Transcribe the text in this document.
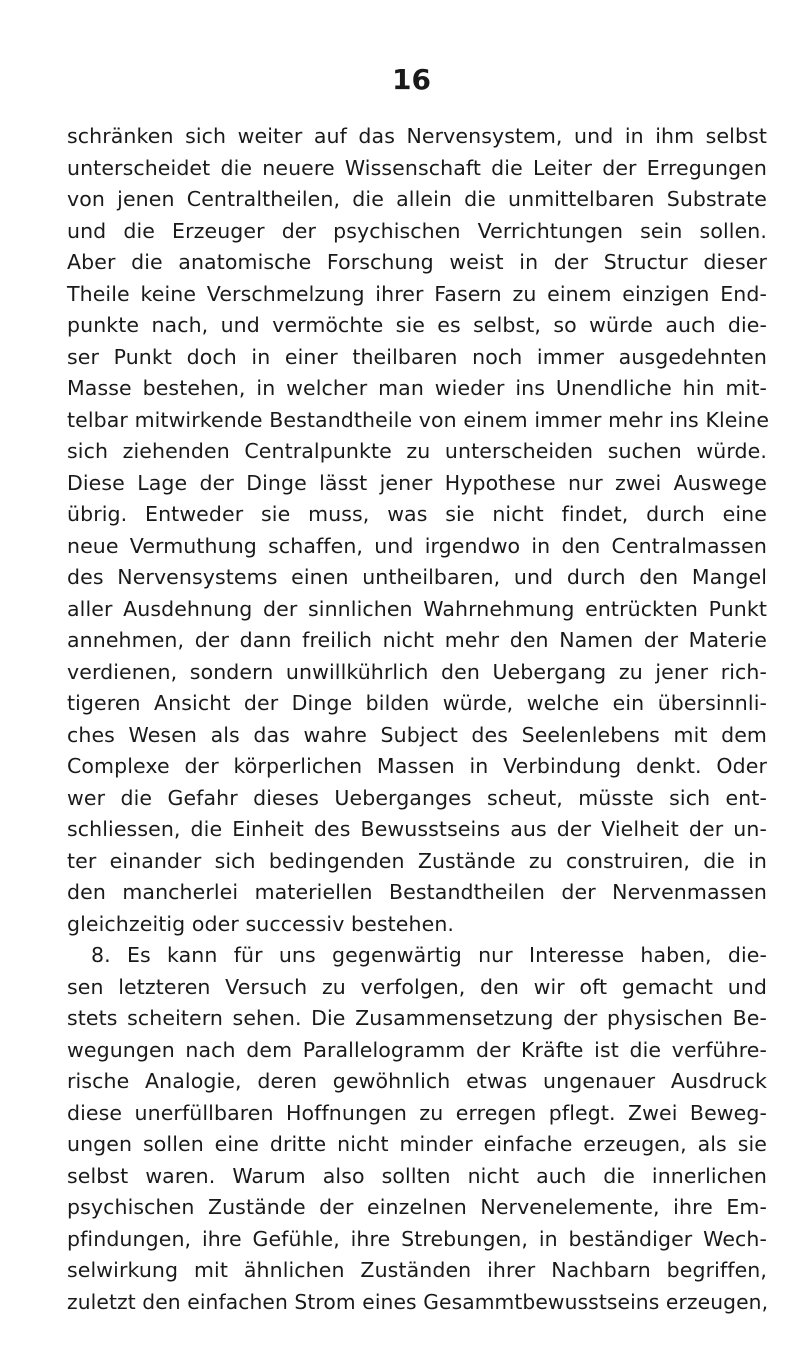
16
schränken sich weiter auf das Nervensystem, und in ihm selbst
unterscheidet die neuere Wissenschaft die Leiter der Erregungen
von jenen Centraltheilen, die allein die unmittelbaren Substrate
und die Erzeuger der psychischen Verrichtungen sein sollen.
Aber die anatomische Forschung weist in der Structur dieser
Theile keine Verschmelzung ihrer Fasern zu einem einzigen End-
punkte nach, und vermöchte sie es selbst, so würde auch die-
ser Punkt doch in einer theilbaren noch immer ausgedehnten
Masse bestehen, in welcher man wieder ins Unendliche hin mit-
telbar mitwirkende Bestandtheile von einem immer mehr ins Kleine
sich ziehenden Centralpunkte zu unterscheiden suchen würde.
Diese Lage der Dinge lässt jener Hypothese nur zwei Auswege
übrig. Entweder sie muss, was sie nicht findet, durch eine
neue Vermuthung schaffen, und irgendwo in den Centralmassen
des Nervensystems einen untheilbaren, und durch den Mangel
aller Ausdehnung der sinnlichen Wahrnehmung entrückten Punkt
annehmen, der dann freilich nicht mehr den Namen der Materie
verdienen, sondern unwillkührlich den Uebergang zu jener rich-
tigeren Ansicht der Dinge bilden würde, welche ein übersinnli-
ches Wesen als das wahre Subject des Seelenlebens mit dem
Complexe der körperlichen Massen in Verbindung denkt. Oder
wer die Gefahr dieses Ueberganges scheut, müsste sich ent-
schliessen, die Einheit des Bewusstseins aus der Vielheit der un-
ter einander sich bedingenden Zustände zu construiren, die in
den mancherlei materiellen Bestandtheilen der Nervenmassen
gleichzeitig oder successiv bestehen.
8. Es kann für uns gegenwärtig nur Interesse haben, die-
sen letzteren Versuch zu verfolgen, den wir oft gemacht und
stets scheitern sehen. Die Zusammensetzung der physischen Be-
wegungen nach dem Parallelogramm der Kräfte ist die verführe-
rische Analogie, deren gewöhnlich etwas ungenauer Ausdruck
diese unerfüllbaren Hoffnungen zu erregen pflegt. Zwei Beweg-
ungen sollen eine dritte nicht minder einfache erzeugen, als sie
selbst waren. Warum also sollten nicht auch die innerlichen
psychischen Zustände der einzelnen Nervenelemente, ihre Em-
pfindungen, ihre Gefühle, ihre Strebungen, in beständiger Wech-
selwirkung mit ähnlichen Zuständen ihrer Nachbarn begriffen,
zuletzt den einfachen Strom eines Gesammtbewusstseins erzeugen,
